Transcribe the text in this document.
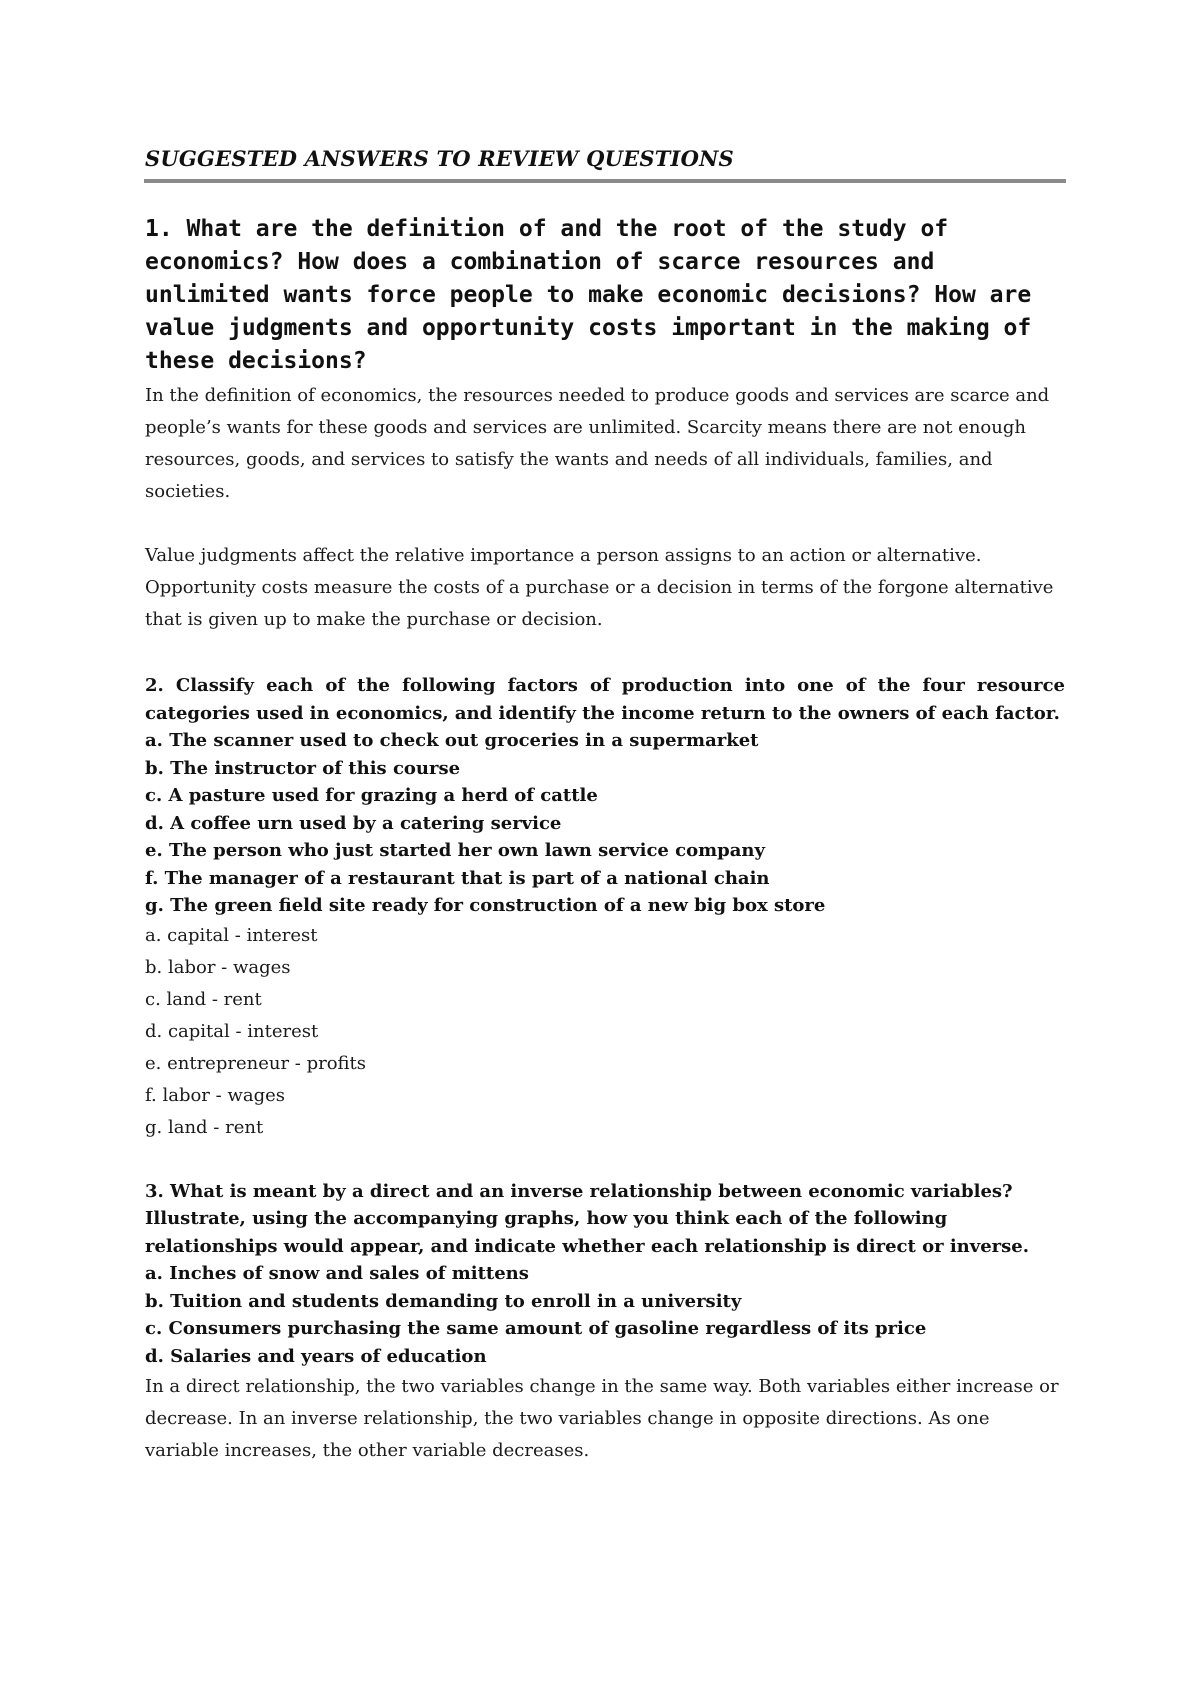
SUGGESTED ANSWERS TO REVIEW QUESTIONS

1. What are the definition of and the root of the study of economics? How does a combination of scarce resources and unlimited wants force people to make economic decisions? How are value judgments and opportunity costs important in the making of these decisions?

In the definition of economics, the resources needed to produce goods and services are scarce and people’s wants for these goods and services are unlimited. Scarcity means there are not enough resources, goods, and services to satisfy the wants and needs of all individuals, families, and societies.

Value judgments affect the relative importance a person assigns to an action or alternative. Opportunity costs measure the costs of a purchase or a decision in terms of the forgone alternative that is given up to make the purchase or decision.

2. Classify each of the following factors of production into one of the four resource categories used in economics, and identify the income return to the owners of each factor.

a. The scanner used to check out groceries in a supermarket
b. The instructor of this course
c. A pasture used for grazing a herd of cattle
d. A coffee urn used by a catering service
e. The person who just started her own lawn service company
f. The manager of a restaurant that is part of a national chain
g. The green field site ready for construction of a new big box store
a. capital - interest
b. labor - wages
c. land - rent
d. capital - interest
e. entrepreneur - profits
f. labor - wages
g. land - rent

3. What is meant by a direct and an inverse relationship between economic variables? Illustrate, using the accompanying graphs, how you think each of the following relationships would appear, and indicate whether each relationship is direct or inverse.

a. Inches of snow and sales of mittens
b. Tuition and students demanding to enroll in a university
c. Consumers purchasing the same amount of gasoline regardless of its price
d. Salaries and years of education

In a direct relationship, the two variables change in the same way. Both variables either increase or decrease. In an inverse relationship, the two variables change in opposite directions. As one variable increases, the other variable decreases.
